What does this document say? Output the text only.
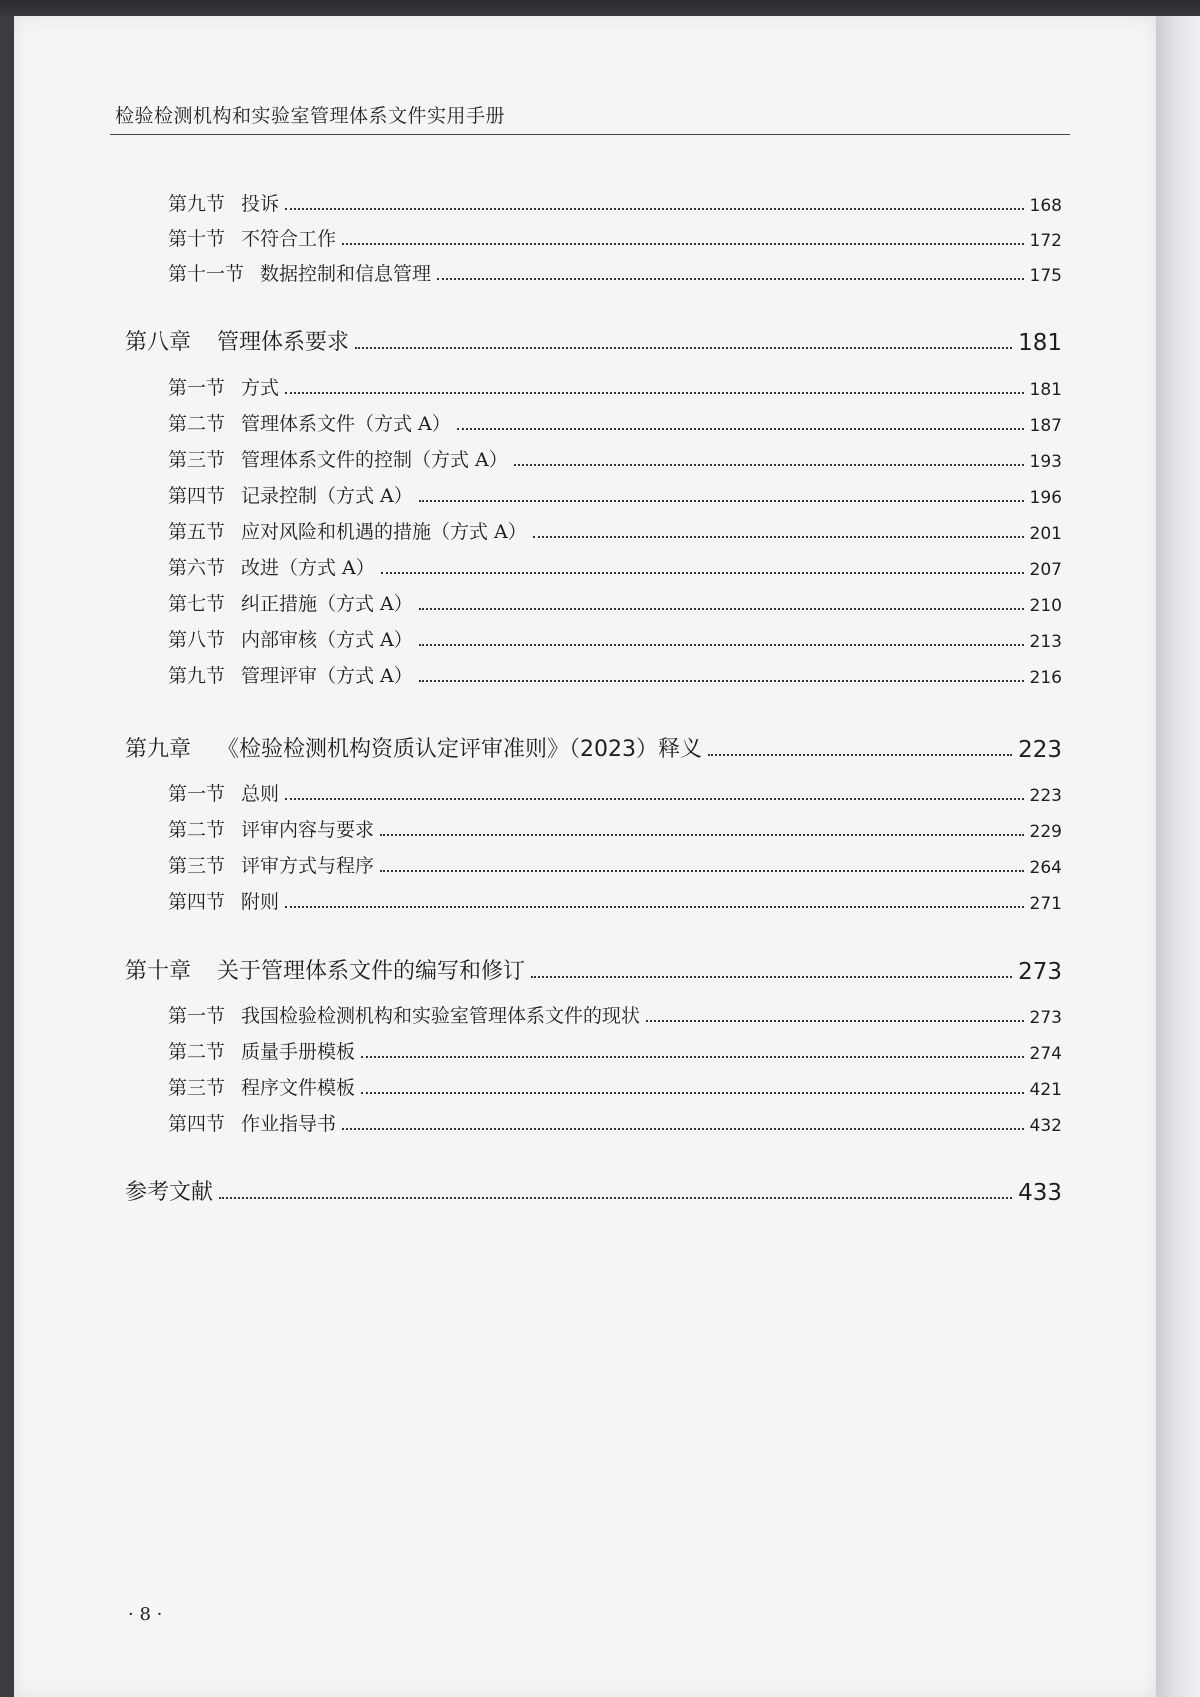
检验检测机构和实验室管理体系文件实用手册
第九节 投诉	168
第十节 不符合工作	172
第十一节 数据控制和信息管理	175
第八章 管理体系要求	181
第一节 方式	181
第二节 管理体系文件（方式 A）	187
第三节 管理体系文件的控制（方式 A）	193
第四节 记录控制（方式 A）	196
第五节 应对风险和机遇的措施（方式 A）	201
第六节 改进（方式 A）	207
第七节 纠正措施（方式 A）	210
第八节 内部审核（方式 A）	213
第九节 管理评审（方式 A）	216
第九章 《检验检测机构资质认定评审准则》（2023）释义	223
第一节 总则	223
第二节 评审内容与要求	229
第三节 评审方式与程序	264
第四节 附则	271
第十章 关于管理体系文件的编写和修订	273
第一节 我国检验检测机构和实验室管理体系文件的现状	273
第二节 质量手册模板	274
第三节 程序文件模板	421
第四节 作业指导书	432
参考文献	433
· 8 ·
